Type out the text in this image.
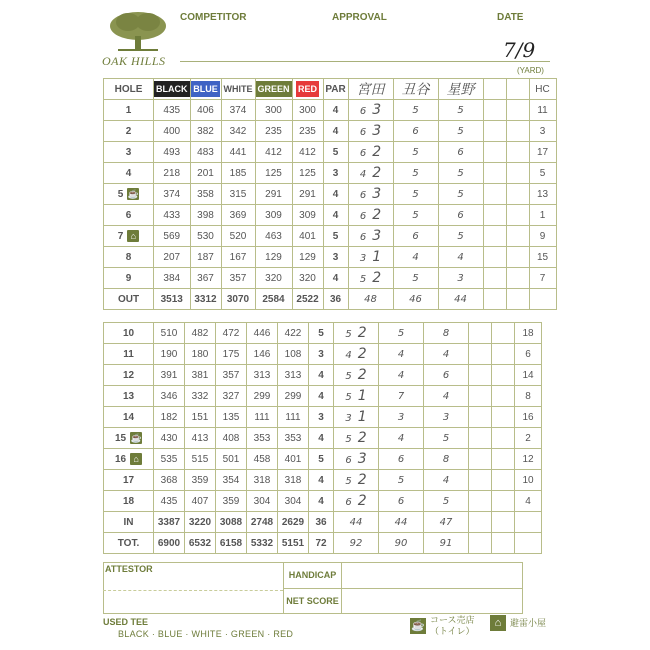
OAK HILLS
COMPETITOR	APPROVAL	DATE
7/9
(YARD)
HOLE	BLACK	BLUE	WHITE	GREEN	RED	PAR	宮田	丑谷	星野			HC

1	435	406	374	300	300	4	6 3	5	5			11

2	400	382	342	235	235	4	6 3	6	5			3

3	493	483	441	412	412	5	6 2	5	6			17

4	218	201	185	125	125	3	4 2	5	5			5

5 ☕	374	358	315	291	291	4	6 3	5	5			13

6	433	398	369	309	309	4	6 2	5	6			1

7 ⌂	569	530	520	463	401	5	6 3	6	5			9

8	207	187	167	129	129	3	3 1	4	4			15

9	384	367	357	320	320	4	5 2	5	3			7
OUT	3513	3312	3070	2584	2522	36	48	46	44			
10	510	482	472	446	422	5	5 2	5	8			18

11	190	180	175	146	108	3	4 2	4	4			6

12	391	381	357	313	313	4	5 2	4	6			14

13	346	332	327	299	299	4	5 1	7	4			8

14	182	151	135	111	111	3	3 1	3	3			16

15 ☕	430	413	408	353	353	4	5 2	4	5			2

16 ⌂	535	515	501	458	401	5	6 3	6	8			12

17	368	359	354	318	318	4	5 2	5	4			10

18	435	407	359	304	304	4	6 2	6	5			4
IN	3387	3220	3088	2748	2629	36	44	44	47			
TOT.	6900	6532	6158	5332	5151	72	92	90	91			
	HANDICAP	
	NET SCORE	
ATTESTOR
USED TEE
BLACK · BLUE · WHITE · GREEN · RED
☕ コース売店
（トイレ）
⌂ 避雷小屋
